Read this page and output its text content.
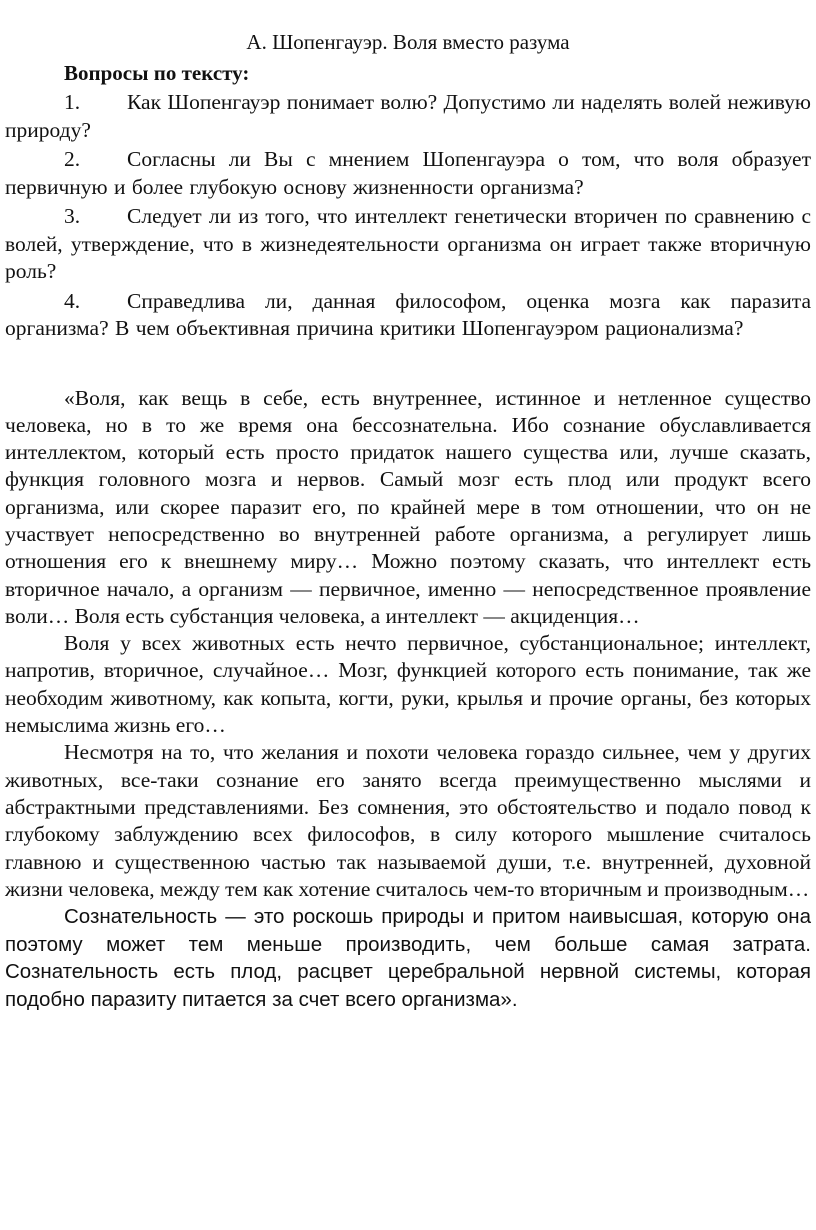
А. Шопенгауэр. Воля вместо разума
Вопросы по тексту:
1. Как Шопенгауэр понимает волю? Допустимо ли наделять волей неживую природу?
2. Согласны ли Вы с мнением Шопенгауэра о том, что воля образует первичную и более глубокую основу жизненности организма?
3. Следует ли из того, что интеллект генетически вторичен по сравнению с волей, утверждение, что в жизнедеятельности организма он играет также вторичную роль?
4. Справедлива ли, данная философом, оценка мозга как паразита организма? В чем объективная причина критики Шопенгауэром рационализма?

«Воля, как вещь в себе, есть внутреннее, истинное и нетленное существо человека, но в то же время она бессознательна. Ибо сознание обуславливается интеллектом, который есть просто придаток нашего существа или, лучше сказать, функция головного мозга и нервов. Самый мозг есть плод или продукт всего организма, или скорее паразит его, по крайней мере в том отношении, что он не участвует непосредственно во внутренней работе организма, а регулирует лишь отношения его к внешнему миру… Можно поэтому сказать, что интеллект есть вторичное начало, а организм — первичное, именно — непосредственное проявление воли… Воля есть субстанция человека, а интеллект — акциденция…

Воля у всех животных есть нечто первичное, субстанциональное; интеллект, напротив, вторичное, случайное… Мозг, функцией которого есть понимание, так же необходим животному, как копыта, когти, руки, крылья и прочие органы, без которых немыслима жизнь его…

Несмотря на то, что желания и похоти человека гораздо сильнее, чем у других животных, все-таки сознание его занято всегда преимущественно мыслями и абстрактными представлениями. Без сомнения, это обстоятельство и подало повод к глубокому заблуждению всех философов, в силу которого мышление считалось главною и существенною частью так называемой души, т.е. внутренней, духовной жизни человека, между тем как хотение считалось чем-то вторичным и производным…

Сознательность — это роскошь природы и притом наивысшая, которую она поэтому может тем меньше производить, чем больше самая затрата. Сознательность есть плод, расцвет церебральной нервной системы, которая подобно паразиту питается за счет всего организма».
